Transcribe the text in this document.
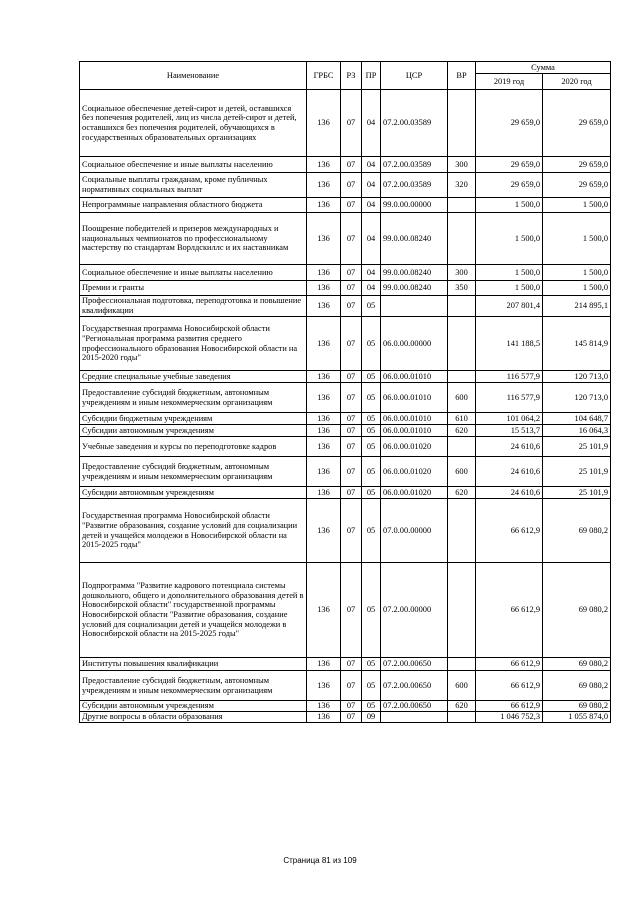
Наименование	ГРБС	РЗ	ПР	ЦСР	ВР	Сумма	
						2019 год	2020 год
Социальное обеспечение детей-сирот и детей, оставшихся без попечения родителей, лиц из числа детей-сирот и детей, оставшихся без попечения родителей, обучающихся в государственных образовательных организациях	136	07	04	07.2.00.03589		29 659,0	29 659,0
Социальное обеспечение и иные выплаты населению	136	07	04	07.2.00.03589	300	29 659,0	29 659,0
Социальные выплаты гражданам, кроме публичных нормативных социальных выплат	136	07	04	07.2.00.03589	320	29 659,0	29 659,0
Непрограммные направления областного бюджета	136	07	04	99.0.00.00000		1 500,0	1 500,0
Поощрение победителей и призеров международных и национальных чемпионатов по профессиональному мастерству по стандартам Ворлдскиллс и их наставникам	136	07	04	99.0.00.08240		1 500,0	1 500,0
Социальное обеспечение и иные выплаты населению	136	07	04	99.0.00.08240	300	1 500,0	1 500,0
Премии и гранты	136	07	04	99.0.00.08240	350	1 500,0	1 500,0
Профессиональная подготовка, переподготовка и повышение квалификации	136	07	05			207 801,4	214 895,1
Государственная программа Новосибирской области "Региональная программа развития среднего профессионального образования Новосибирской области на 2015-2020 годы"	136	07	05	06.0.00.00000		141 188,5	145 814,9
Средние специальные учебные заведения	136	07	05	06.0.00.01010		116 577,9	120 713,0
Предоставление субсидий бюджетным, автономным учреждениям и иным некоммерческим организациям	136	07	05	06.0.00.01010	600	116 577,9	120 713,0
Субсидии бюджетным учреждениям	136	07	05	06.0.00.01010	610	101 064,2	104 648,7
Субсидии автономным учреждениям	136	07	05	06.0.00.01010	620	15 513,7	16 064,3
Учебные заведения и курсы по переподготовке кадров	136	07	05	06.0.00.01020		24 610,6	25 101,9
Предоставление субсидий бюджетным, автономным учреждениям и иным некоммерческим организациям	136	07	05	06.0.00.01020	600	24 610,6	25 101,9
Субсидии автономным учреждениям	136	07	05	06.0.00.01020	620	24 610,6	25 101,9
Государственная программа Новосибирской области "Развитие образования, создание условий для социализации детей и учащейся молодежи в Новосибирской области на 2015-2025 годы"	136	07	05	07.0.00.00000		66 612,9	69 080,2
Подпрограмма "Развитие кадрового потенциала системы дошкольного, общего и дополнительного образования детей в Новосибирской области" государственной программы Новосибирской области "Развитие образования, создание условий для социализации детей и учащейся молодежи в Новосибирской области на 2015-2025 годы"	136	07	05	07.2.00.00000		66 612,9	69 080,2
Институты повышения квалификации	136	07	05	07.2.00.00650		66 612,9	69 080,2
Предоставление субсидий бюджетным, автономным учреждениям и иным некоммерческим организациям	136	07	05	07.2.00.00650	600	66 612,9	69 080,2
Субсидии автономным учреждениям	136	07	05	07.2.00.00650	620	66 612,9	69 080,2
Другие вопросы в области образования	136	07	09			1 046 752,3	1 055 874,0
Страница 81 из 109
